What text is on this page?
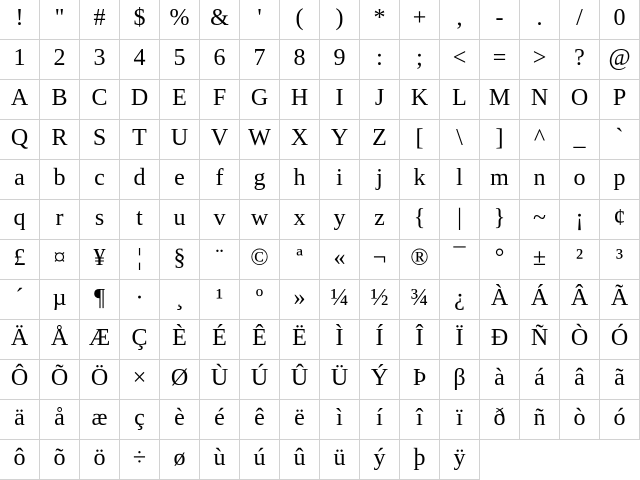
!	"	#	$	% &	'	(	)	*	+	,	-	.	/	0
1	2	3	4	5	6	7	8	9	:	;	<	=	>	? @
A B C D E	F	G H	I	J	K L M N O	P
Q R	S	T	U V W X Y Z	[	\	]	^	_	`
a	b	c	d	e	f	g	h	i	j	k	l	m	n	o	p
q	r	s	t	u	v	w	x	y	z	{	|	}	~	¡	¢
£	¤	¥	¦	§	¨	©	ª	«	¬	®	¯	°	±	²	³
´	µ	¶	·	¸	¹	º	»	¼ ½ ¾	¿	À Á Â Ã
Ä Å Æ Ç	È	É	Ê	Ë	Ì	Í	Î	Ï	Ð Ñ Ò Ó
Ô Õ Ö	×	Ø Ù Ú Û Ü Ý	Þ	β	à	á	â	ã
ä	å	æ	ç	è	é	ê	ë	ì	í	î	ï	ð	ñ	ò	ó
ô	õ	ö	÷	ø	ù	ú	û	ü	ý	þ	ÿ
